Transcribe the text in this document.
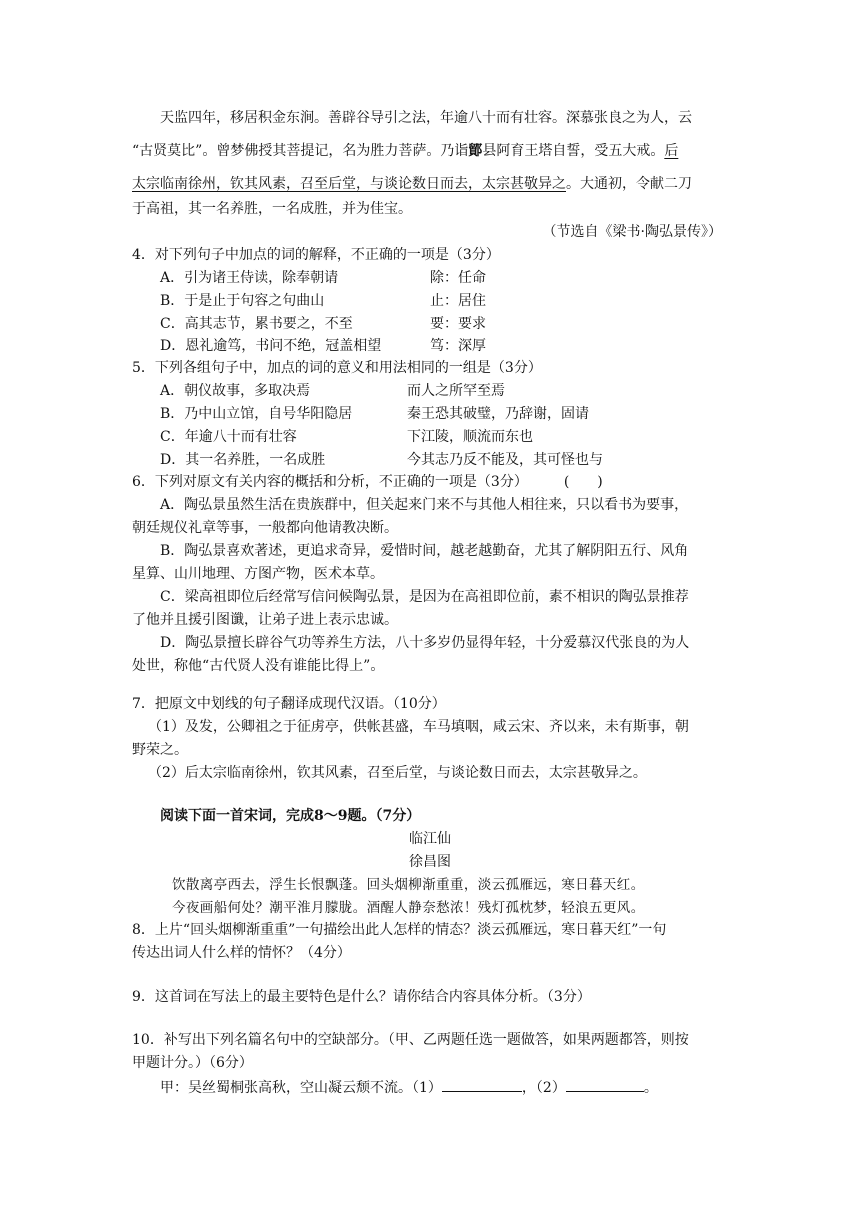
天监四年，移居积金东涧。善辟谷导引之法，年逾八十而有壮容。深慕张良之为人，云
“古贤莫比”。曾梦佛授其菩提记，名为胜力菩萨。乃诣鄮县阿育王塔自誓，受五大戒。后
太宗临南徐州，钦其风素，召至后堂，与谈论数日而去，太宗甚敬异之。大通初，令献二刀
于高祖，其一名养胜，一名成胜，并为佳宝。
（节选自《梁书·陶弘景传》）
4．对下列句子中加点的词的解释，不正确的一项是（3分）
A．引为诸王侍读，除奉朝请	除：任命
B．于是止于句容之句曲山	止：居住
C．高其志节，累书要之，不至	要：要求
D．恩礼逾笃，书问不绝，冠盖相望	笃：深厚
5．下列各组句子中，加点的词的意义和用法相同的一组是（3分）
A．朝仪故事，多取决焉	而人之所罕至焉
B．乃中山立馆，自号华阳隐居	秦王恐其破璧，乃辞谢，固请
C．年逾八十而有壮容	下江陵，顺流而东也
D．其一名养胜，一名成胜	今其志乃反不能及，其可怪也与
6．下列对原文有关内容的概括和分析，不正确的一项是（3分）	(　　)
A．陶弘景虽然生活在贵族群中，但关起来门来不与其他人相往来，只以看书为要事，
朝廷规仪礼章等事，一般都向他请教决断。
B．陶弘景喜欢著述，更追求奇异，爱惜时间，越老越勤奋，尤其了解阴阳五行、风角
星算、山川地理、方图产物，医术本草。
C．梁高祖即位后经常写信问候陶弘景，是因为在高祖即位前，素不相识的陶弘景推荐
了他并且援引图谶，让弟子进上表示忠诚。
D．陶弘景擅长辟谷气功等养生方法，八十多岁仍显得年轻，十分爱慕汉代张良的为人
处世，称他“古代贤人没有谁能比得上”。
7．把原文中划线的句子翻译成现代汉语。（10分）
（1）及发，公卿祖之于征虏亭，供帐甚盛，车马填咽，咸云宋、齐以来，未有斯事，朝
野荣之。
（2）后太宗临南徐州，钦其风素，召至后堂，与谈论数日而去，太宗甚敬异之。
阅读下面一首宋词，完成8～9题。（7分）
临江仙
徐昌图
饮散离亭西去，浮生长恨飘蓬。回头烟柳渐重重，淡云孤雁远，寒日暮天红。
今夜画船何处？潮平淮月朦胧。酒醒人静奈愁浓！残灯孤枕梦，轻浪五更风。
8．上片“回头烟柳渐重重”一句描绘出此人怎样的情态？淡云孤雁远，寒日暮天红”一句
传达出词人什么样的情怀？（4分）
9．这首词在写法上的最主要特色是什么？请你结合内容具体分析。（3分）
10．补写出下列名篇名句中的空缺部分。（甲、乙两题任选一题做答，如果两题都答，则按
甲题计分。）（6分）
甲：吴丝蜀桐张高秋，空山凝云颓不流。（1）	，（2）	。
